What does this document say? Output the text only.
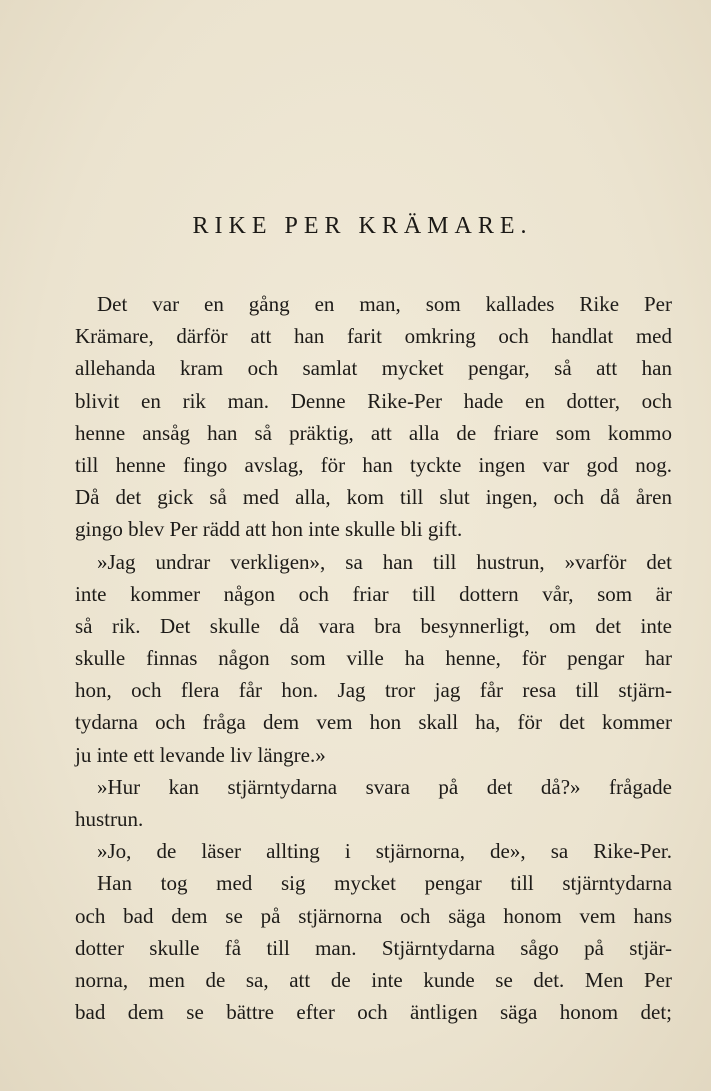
RIKE PER KRÄMARE.
Det var en gång en man, som kallades Rike Per
Krämare, därför att han farit omkring och handlat med
allehanda kram och samlat mycket pengar, så att han
blivit en rik man. Denne Rike-Per hade en dotter, och
henne ansåg han så präktig, att alla de friare som kommo
till henne fingo avslag, för han tyckte ingen var god nog.
Då det gick så med alla, kom till slut ingen, och då åren
gingo blev Per rädd att hon inte skulle bli gift.
»Jag undrar verkligen», sa han till hustrun, »varför det
inte kommer någon och friar till dottern vår, som är
så rik. Det skulle då vara bra besynnerligt, om det inte
skulle finnas någon som ville ha henne, för pengar har
hon, och flera får hon. Jag tror jag får resa till stjärn-
tydarna och fråga dem vem hon skall ha, för det kommer
ju inte ett levande liv längre.»
»Hur kan stjärntydarna svara på det då?» frågade
hustrun.
»Jo, de läser allting i stjärnorna, de», sa Rike-Per.
Han tog med sig mycket pengar till stjärntydarna
och bad dem se på stjärnorna och säga honom vem hans
dotter skulle få till man. Stjärntydarna sågo på stjär-
norna, men de sa, att de inte kunde se det. Men Per
bad dem se bättre efter och äntligen säga honom det;
